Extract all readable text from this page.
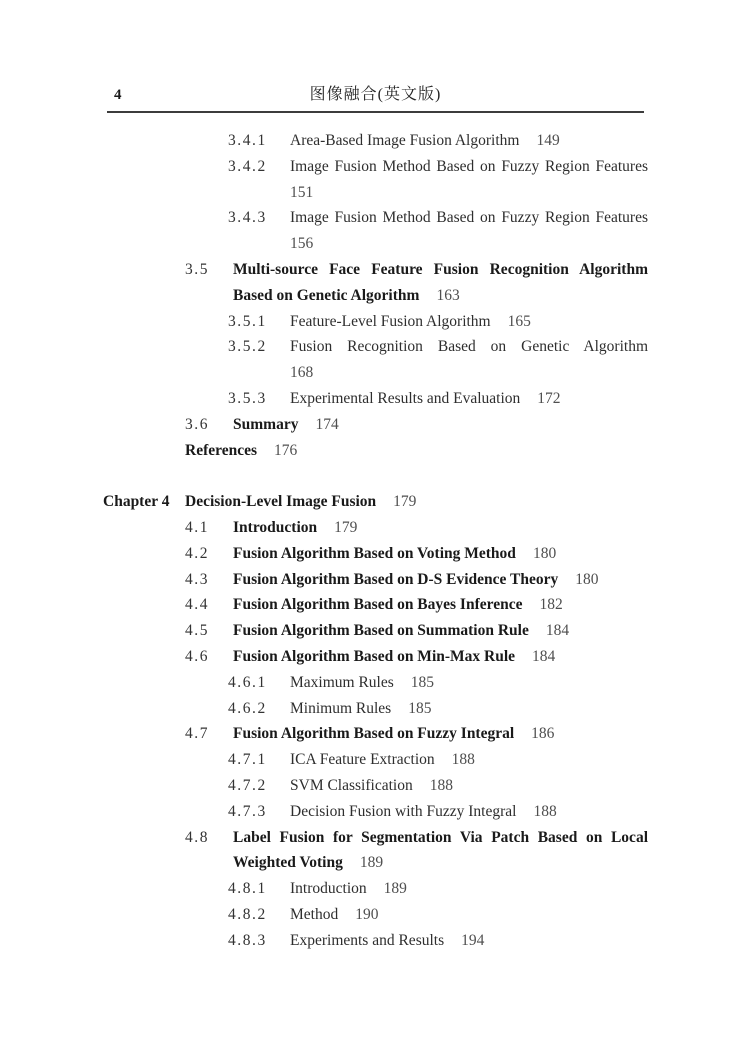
4	图像融合(英文版)
3.4.1	Area-Based Image Fusion Algorithm 149
3.4.2	Image Fusion Method Based on Fuzzy Region Features
151
3.4.3	Image Fusion Method Based on Fuzzy Region Features
156
3.5	Multi-source Face Feature Fusion Recognition Algorithm
Based on Genetic Algorithm 163
3.5.1	Feature-Level Fusion Algorithm 165
3.5.2	Fusion Recognition Based on Genetic Algorithm
168
3.5.3	Experimental Results and Evaluation 172
3.6	Summary 174
References 176
Chapter 4	Decision-Level Image Fusion 179
4.1	Introduction 179
4.2	Fusion Algorithm Based on Voting Method 180
4.3	Fusion Algorithm Based on D-S Evidence Theory 180
4.4	Fusion Algorithm Based on Bayes Inference 182
4.5	Fusion Algorithm Based on Summation Rule 184
4.6	Fusion Algorithm Based on Min-Max Rule 184
4.6.1	Maximum Rules 185
4.6.2	Minimum Rules 185
4.7	Fusion Algorithm Based on Fuzzy Integral 186
4.7.1	ICA Feature Extraction 188
4.7.2	SVM Classification 188
4.7.3	Decision Fusion with Fuzzy Integral 188
4.8	Label Fusion for Segmentation Via Patch Based on Local
Weighted Voting 189
4.8.1	Introduction 189
4.8.2	Method 190
4.8.3	Experiments and Results 194
